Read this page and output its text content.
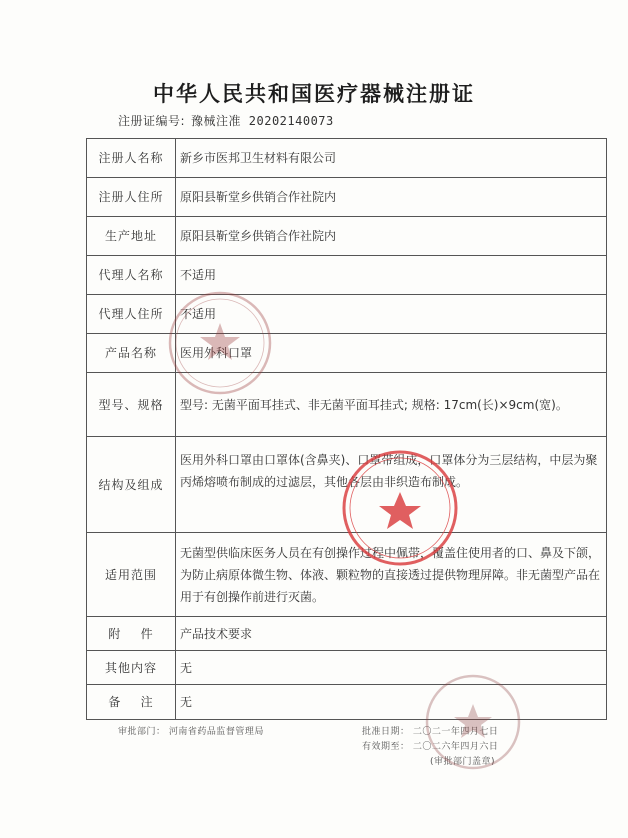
中华人民共和国医疗器械注册证
注册证编号: 豫械注准 20202140073
注册人名称	新乡市医邦卫生材料有限公司
注册人住所	原阳县靳堂乡供销合作社院内
生产地址	原阳县靳堂乡供销合作社院内
代理人名称	不适用
代理人住所	不适用
产品名称	医用外科口罩
型号、规格	型号: 无菌平面耳挂式、非无菌平面耳挂式; 规格: 17cm(长)×9cm(宽)。
结构及组成	医用外科口罩由口罩体(含鼻夹)、口罩带组成，口罩体分为三层结构，中层为聚丙烯熔喷布制成的过滤层，其他各层由非织造布制成。
适用范围	无菌型供临床医务人员在有创操作过程中佩带，覆盖住使用者的口、鼻及下颌，为防止病原体微生物、体液、颗粒物的直接透过提供物理屏障。非无菌型产品在用于有创操作前进行灭菌。
附    件	产品技术要求
其他内容	无
备    注	无
审批部门： 河南省药品监督管理局	批准日期： 二〇二一年四月七日
有效期至： 二〇二六年四月六日
(审批部门盖章)
